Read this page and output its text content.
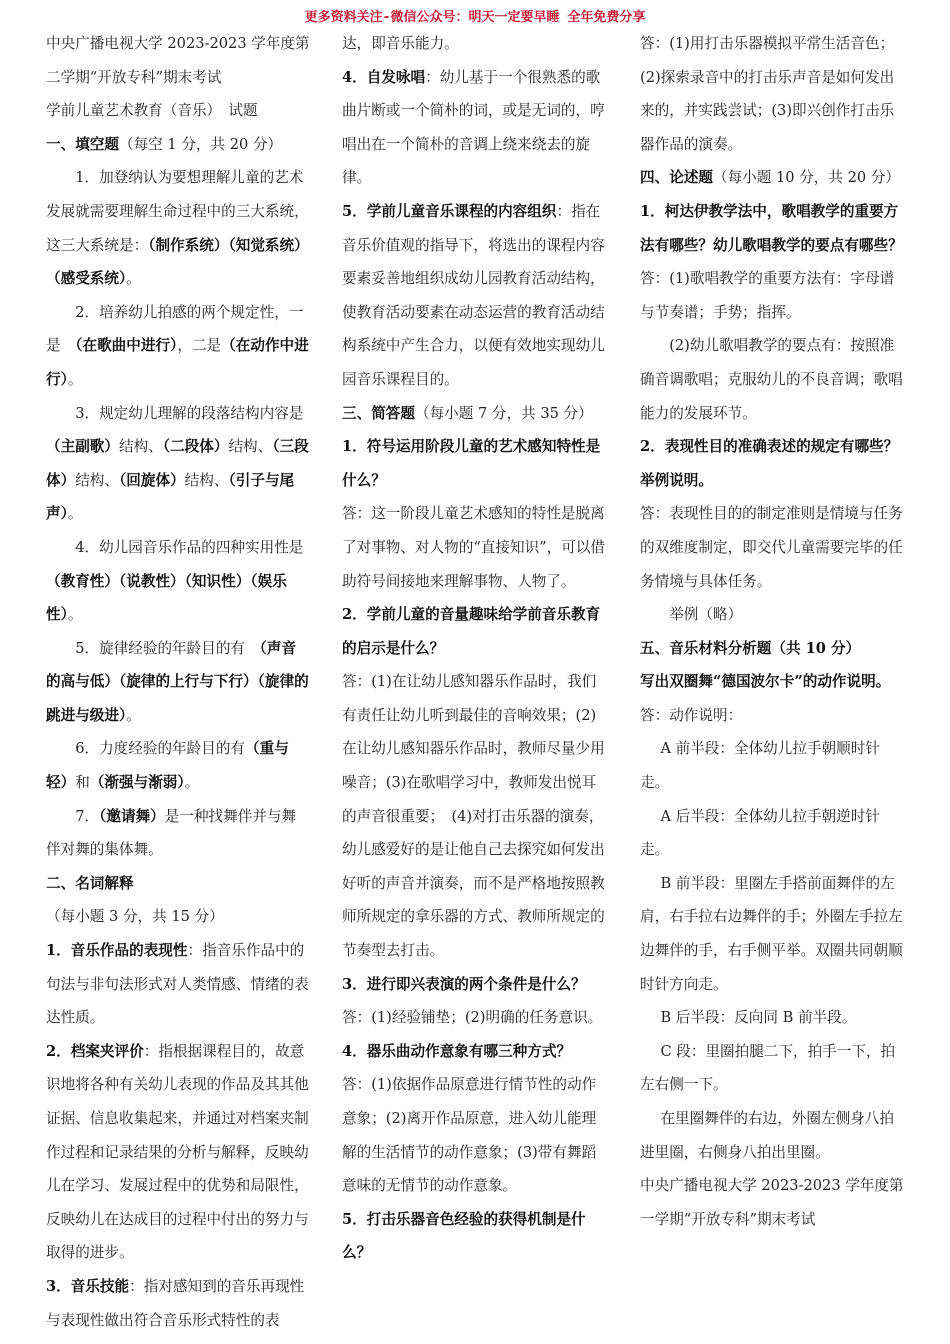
更多资料关注-微信公众号：明天一定要早睡 全年免费分享

中央广播电视大学 2023-2023 学年度第

二学期“开放专科”期末考试

学前儿童艺术教育（音乐）　试题

一、填空题（每空 1 分，共 20 分）

1．加登纳认为要想理解儿童的艺术发展就需要理解生命过程中的三大系统，这三大系统是：（制作系统）（知觉系统）（感受系统）。

2．培养幼儿拍感的两个规定性，一是　（在歌曲中进行），二是（在动作中进行）。

3．规定幼儿理解的段落结构内容是（主副歌）结构、（二段体）结构、（三段体）结构、（回旋体）结构、（引子与尾声）。

4．幼儿园音乐作品的四种实用性是（教育性）（说教性）（知识性）（娱乐性）。

5．旋律经验的年龄目的有　（声音的高与低）（旋律的上行与下行）（旋律的跳进与级进）。

6．力度经验的年龄目的有（重与轻）和（渐强与渐弱）。

7．（邀请舞）是一种找舞伴并与舞伴对舞的集体舞。

二、名词解释（每小题 3 分，共 15 分）

1．音乐作品的表现性：指音乐作品中的句法与非句法形式对人类情感、情绪的表达性质。

2．档案夹评价：指根据课程目的，故意识地将各种有关幼儿表现的作品及其其他证据、信息收集起来，并通过对档案夹制作过程和记录结果的分析与解释，反映幼儿在学习、发展过程中的优势和局限性，反映幼儿在达成目的过程中付出的努力与取得的进步。

3．音乐技能：指对感知到的音乐再现性与表现性做出符合音乐形式特性的表

达，即音乐能力。

4．自发咏唱：幼儿基于一个很熟悉的歌曲片断或一个简朴的词，或是无词的，哼唱出在一个简朴的音调上绕来绕去的旋律。

5．学前儿童音乐课程的内容组织：指在音乐价值观的指导下，将选出的课程内容要素妥善地组织成幼儿园教育活动结构，使教育活动要素在动态运营的教育活动结构系统中产生合力，以便有效地实现幼儿园音乐课程目的。

三、简答题（每小题 7 分，共 35 分）

1．符号运用阶段儿童的艺术感知特性是什么？

答：这一阶段儿童艺术感知的特性是脱离了对事物、对人物的“直接知识”，可以借助符号间接地来理解事物、人物了。

2．学前儿童的音量趣味给学前音乐教育的启示是什么？

答：(1)在让幼儿感知器乐作品时，我们有责任让幼儿听到最佳的音响效果；(2)在让幼儿感知器乐作品时，教师尽量少用噪音；(3)在歌唱学习中，教师发出悦耳的声音很重要；　(4)对打击乐器的演奏，幼儿感爱好的是让他自己去探究如何发出好听的声音并演奏，而不是严格地按照教师所规定的拿乐器的方式、教师所规定的节奏型去打击。

3．进行即兴表演的两个条件是什么？

答：(1)经验铺垫；(2)明确的任务意识。

4．器乐曲动作意象有哪三种方式？

答：(1)依据作品原意进行情节性的动作意象；(2)离开作品原意，进入幼儿能理解的生活情节的动作意象；(3)带有舞蹈意味的无情节的动作意象。

5．打击乐器音色经验的获得机制是什么？

答：(1)用打击乐器模拟平常生活音色；(2)探索录音中的打击乐声音是如何发出来的，并实践尝试；(3)即兴创作打击乐器作品的演奏。

四、论述题（每小题 10 分，共 20 分）

1．柯达伊教学法中，歌唱教学的重要方法有哪些？幼儿歌唱教学的要点有哪些？

答：(1)歌唱教学的重要方法有：字母谱与节奏谱；手势；指挥。

(2)幼儿歌唱教学的要点有：按照准确音调歌唱；克服幼儿的不良音调；歌唱能力的发展环节。

2．表现性目的准确表述的规定有哪些？举例说明。

答：表现性目的的制定准则是情境与任务的双维度制定，即交代儿童需要完毕的任务情境与具体任务。

举例（略）

五、音乐材料分析题（共 10 分）

写出双圈舞“德国波尔卡”的动作说明。

答：动作说明：

A 前半段：全体幼儿拉手朝顺时针走。

A 后半段：全体幼儿拉手朝逆时针走。

B 前半段：里圈左手搭前面舞伴的左肩，右手拉右边舞伴的手；外圈左手拉左边舞伴的手，右手侧平举。双圈共同朝顺时针方向走。

B 后半段：反向同 B 前半段。

C 段：里圈拍腿二下，拍手一下，拍左右侧一下。

在里圈舞伴的右边，外圈左侧身八拍进里圈，右侧身八拍出里圈。

中央广播电视大学 2023-2023 学年度第

一学期“开放专科”期末考试
